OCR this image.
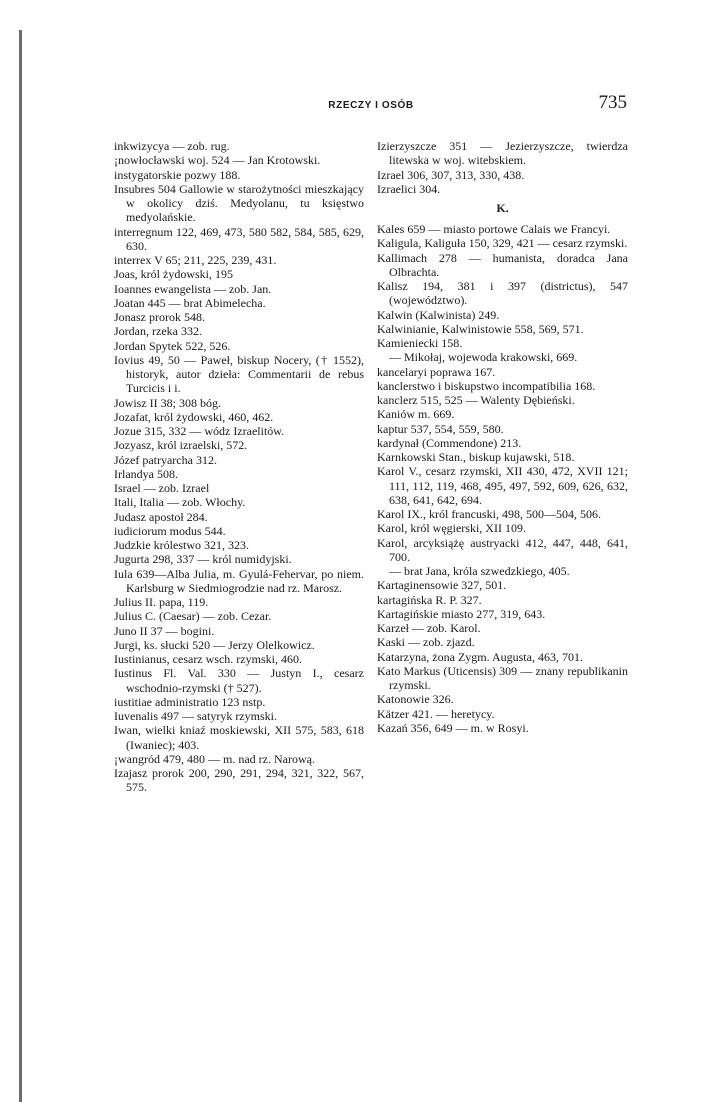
RZECZY I OSÓB	735
inkwizycya — zob. rug.
¡nowłocławski woj. 524 — Jan Krotowski.
instygatorskie pozwy 188.
Insubres 504 Gallowie w starożytności mieszkający w okolicy dziś. Medyolanu, tu księstwo medyolańskie.
interregnum 122, 469, 473, 580 582, 584, 585, 629, 630.
interrex V 65; 211, 225, 239, 431.
Joas, król żydowski, 195
Ioannes ewangelista — zob. Jan.
Joatan 445 — brat Abimelecha.
Jonasz prorok 548.
Jordan, rzeka 332.
Jordan Spytek 522, 526.
Iovius 49, 50 — Paweł, biskup Nocery, († 1552), historyk, autor dzieła: Commentarii de rebus Turcicis i i.
Jowisz II 38; 308 bóg.
Jozafat, król żydowski, 460, 462.
Jozue 315, 332 — wódz Izraelitów.
Jozyasz, król izraelski, 572.
Józef patryarcha 312.
Irlandya 508.
Israel — zob. Izrael
Itali, Italia — zob. Włochy.
Judasz apostoł 284.
iudiciorum modus 544.
Judzkie królestwo 321, 323.
Jugurta 298, 337 — król numidyjski.
Iula 639—Alba Julia, m. Gyulá-Fehervar, po niem. Karlsburg w Siedmiogrodzie nad rz. Marosz.
Julius II. papa, 119.
Julius C. (Caesar) — zob. Cezar.
Juno II 37 — bogini.
Jurgi, ks. słucki 520 — Jerzy Olelkowicz.
Iustinianus, cesarz wsch. rzymski, 460.
Iustinus Fl. Val. 330 — Justyn I., cesarz wschodnio-rzymski († 527).
iustitiae administratio 123 nstp.
Iuvenalis 497 — satyryk rzymski.
Iwan, wielki kniaź moskiewski, XII 575, 583, 618 (Iwaniec); 403.
¡wangród 479, 480 — m. nad rz. Narową.
Izajasz prorok 200, 290, 291, 294, 321, 322, 567, 575.
Izierzyszcze 351 — Jezierzyszcze, twierdza litewska w woj. witebskiem.
Izrael 306, 307, 313, 330, 438.
Izraelici 304.
K.
Kales 659 — miasto portowe Calais we Francyi.
Kaligula, Kaliguła 150, 329, 421 — cesarz rzymski.
Kallimach 278 — humanista, doradca Jana Olbrachta.
Kalisz 194, 381 i 397 (districtus), 547 (województwo).
Kalwin (Kalwinista) 249.
Kalwinianie, Kalwinistowie 558, 569, 571.
Kamieniecki 158.
— Mikołaj, wojewoda krakowski, 669.
kancelaryi poprawa 167.
kanclerstwo i biskupstwo incompatibilia 168.
kanclerz 515, 525 — Walenty Dębieński.
Kaniów m. 669.
kaptur 537, 554, 559, 580.
kardynał (Commendone) 213.
Karnkowski Stan., biskup kujawski, 518.
Karol V., cesarz rzymski, XII 430, 472, XVII 121; 111, 112, 119, 468, 495, 497, 592, 609, 626, 632, 638, 641, 642, 694.
Karol IX., król francuski, 498, 500—504, 506.
Karol, król węgierski, XII 109.
Karol, arcyksiążę austryacki 412, 447, 448, 641, 700.
— brat Jana, króla szwedzkiego, 405.
Kartaginensowie 327, 501.
kartagińska R. P. 327.
Kartagińskie miasto 277, 319, 643.
Karzeł — zob. Karol.
Kaski — zob. zjazd.
Katarzyna, żona Zygm. Augusta, 463, 701.
Kato Markus (Uticensis) 309 — znany republikanin rzymski.
Katonowie 326.
Kätzer 421. — heretycy.
Kazań 356, 649 — m. w Rosyi.
